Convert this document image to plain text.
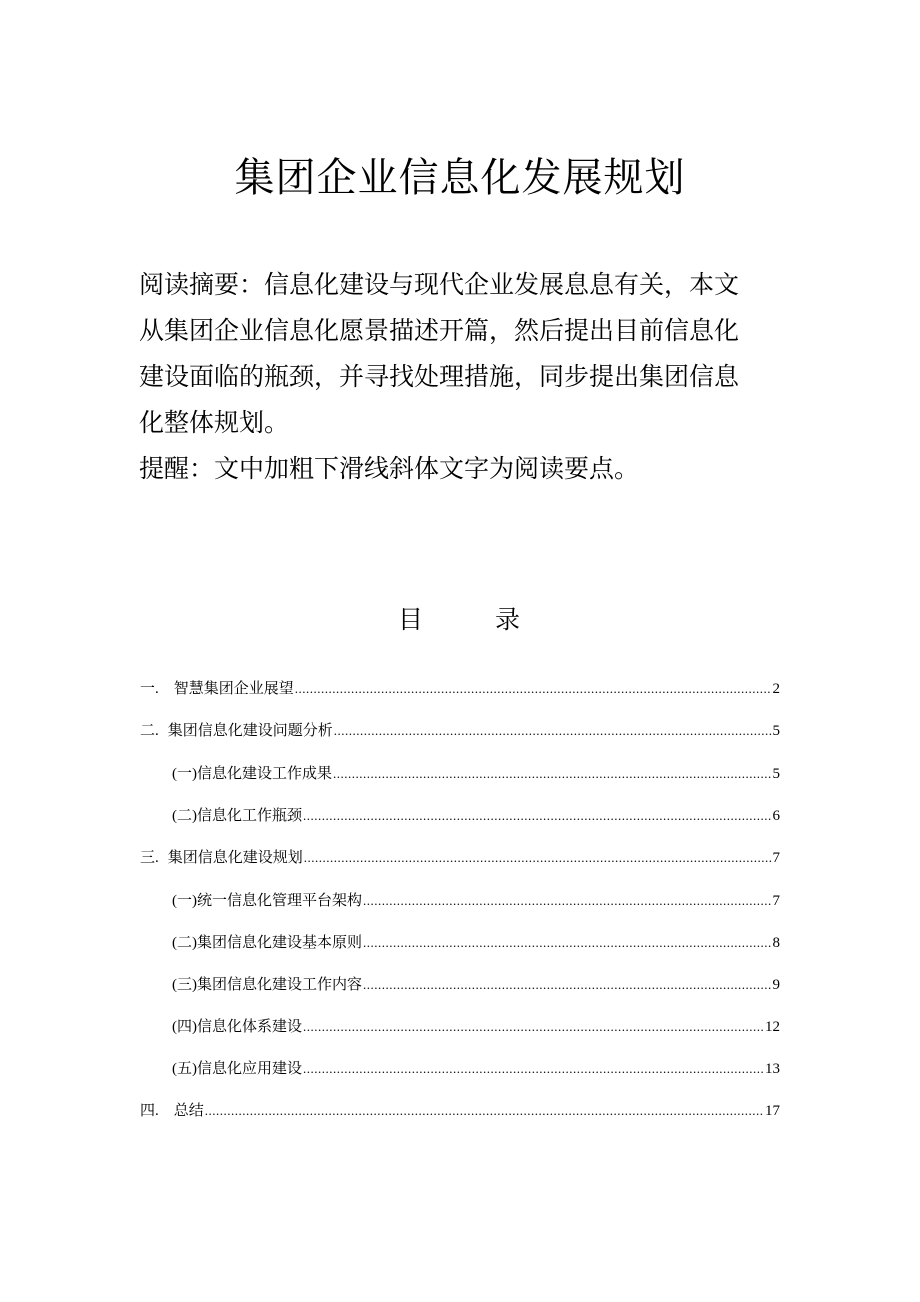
集团企业信息化发展规划

阅读摘要：信息化建设与现代企业发展息息有关，本文

从集团企业信息化愿景描述开篇，然后提出目前信息化

建设面临的瓶颈，并寻找处理措施，同步提出集团信息

化整体规划。

提醒：文中加粗下滑线斜体文字为阅读要点。

目	录
一. 智慧集团企业展望 .....	2
二. 集团信息化建设问题分析 .....	5
(一)信息化建设工作成果 .....	5
(二)信息化工作瓶颈 .....	6
三. 集团信息化建设规划 .....	7
(一)统一信息化管理平台架构 .....	7
(二)集团信息化建设基本原则 .....	8
(三)集团信息化建设工作内容 .....	9
(四)信息化体系建设 .....	12
(五)信息化应用建设 .....	13
四. 总结 .....	17
